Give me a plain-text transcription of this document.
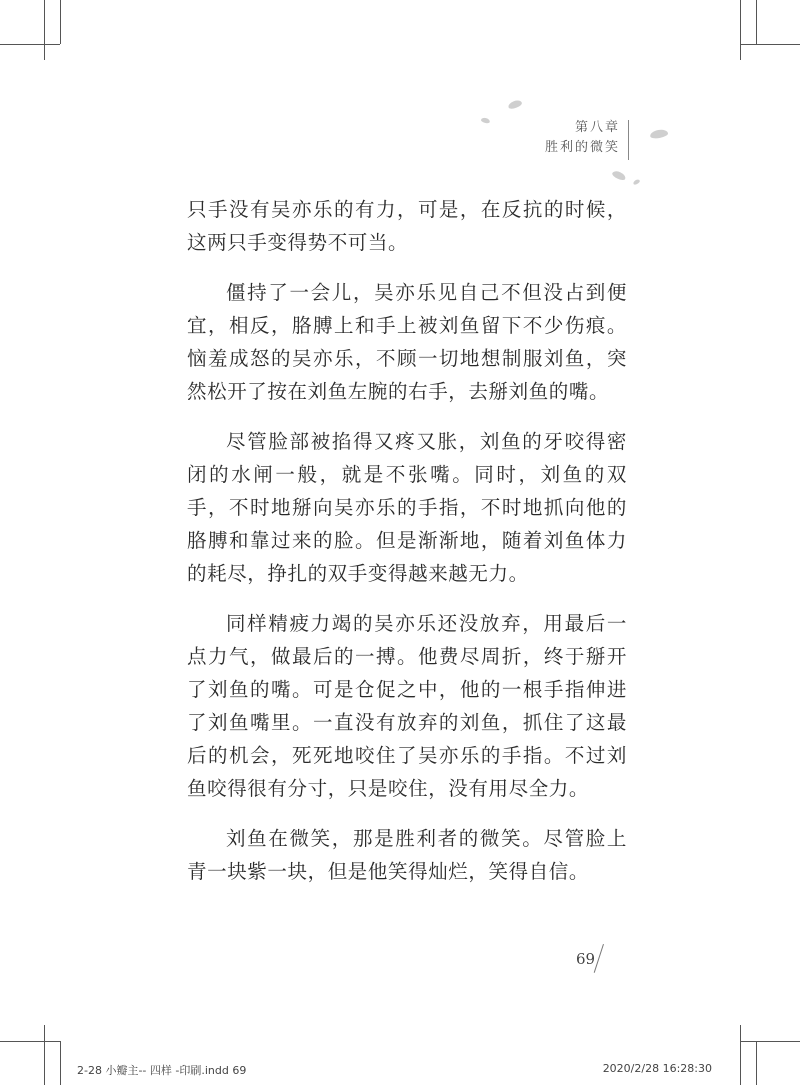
第八章
胜利的微笑

只手没有吴亦乐的有力，可是，在反抗的时候，这两只手变得势不可当。

僵持了一会儿，吴亦乐见自己不但没占到便宜，相反，胳膊上和手上被刘鱼留下不少伤痕。恼羞成怒的吴亦乐，不顾一切地想制服刘鱼，突然松开了按在刘鱼左腕的右手，去掰刘鱼的嘴。

尽管脸部被掐得又疼又胀，刘鱼的牙咬得密闭的水闸一般，就是不张嘴。同时，刘鱼的双手，不时地掰向吴亦乐的手指，不时地抓向他的胳膊和靠过来的脸。但是渐渐地，随着刘鱼体力的耗尽，挣扎的双手变得越来越无力。

同样精疲力竭的吴亦乐还没放弃，用最后一点力气，做最后的一搏。他费尽周折，终于掰开了刘鱼的嘴。可是仓促之中，他的一根手指伸进了刘鱼嘴里。一直没有放弃的刘鱼，抓住了这最后的机会，死死地咬住了吴亦乐的手指。不过刘鱼咬得很有分寸，只是咬住，没有用尽全力。

刘鱼在微笑，那是胜利者的微笑。尽管脸上青一块紫一块，但是他笑得灿烂，笑得自信。

69
2-28 小瓣主-- 四样 -印刷.indd 69	2020/2/28 16:28:30
